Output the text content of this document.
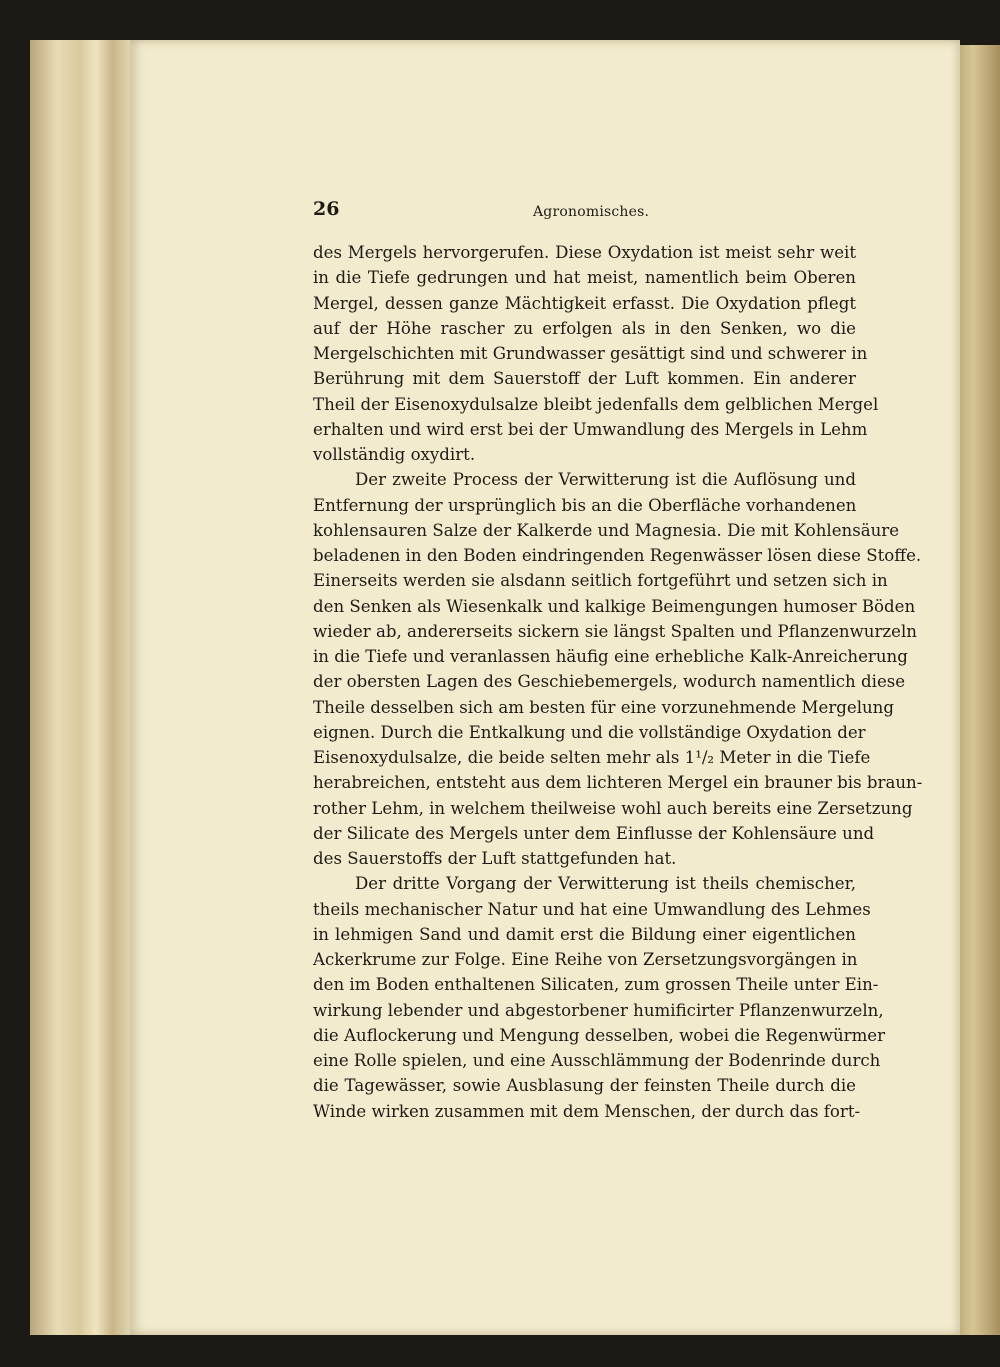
26	Agronomisches.
des Mergels hervorgerufen. Diese Oxydation ist meist sehr weit
in die Tiefe gedrungen und hat meist, namentlich beim Oberen
Mergel, dessen ganze Mächtigkeit erfasst. Die Oxydation pflegt
auf der Höhe rascher zu erfolgen als in den Senken, wo die
Mergelschichten mit Grundwasser gesättigt sind und schwerer in
Berührung mit dem Sauerstoff der Luft kommen. Ein anderer
Theil der Eisenoxydulsalze bleibt jedenfalls dem gelblichen Mergel
erhalten und wird erst bei der Umwandlung des Mergels in Lehm
vollständig oxydirt.
Der zweite Process der Verwitterung ist die Auflösung und
Entfernung der ursprünglich bis an die Oberfläche vorhandenen
kohlensauren Salze der Kalkerde und Magnesia. Die mit Kohlensäure
beladenen in den Boden eindringenden Regenwässer lösen diese Stoffe.
Einerseits werden sie alsdann seitlich fortgeführt und setzen sich in
den Senken als Wiesenkalk und kalkige Beimengungen humoser Böden
wieder ab, andererseits sickern sie längst Spalten und Pflanzenwurzeln
in die Tiefe und veranlassen häufig eine erhebliche Kalk-Anreicherung
der obersten Lagen des Geschiebemergels, wodurch namentlich diese
Theile desselben sich am besten für eine vorzunehmende Mergelung
eignen. Durch die Entkalkung und die vollständige Oxydation der
Eisenoxydulsalze, die beide selten mehr als 1¹/₂ Meter in die Tiefe
herabreichen, entsteht aus dem lichteren Mergel ein brauner bis braun-
rother Lehm, in welchem theilweise wohl auch bereits eine Zersetzung
der Silicate des Mergels unter dem Einflusse der Kohlensäure und
des Sauerstoffs der Luft stattgefunden hat.
Der dritte Vorgang der Verwitterung ist theils chemischer,
theils mechanischer Natur und hat eine Umwandlung des Lehmes
in lehmigen Sand und damit erst die Bildung einer eigentlichen
Ackerkrume zur Folge. Eine Reihe von Zersetzungsvorgängen in
den im Boden enthaltenen Silicaten, zum grossen Theile unter Ein-
wirkung lebender und abgestorbener humificirter Pflanzenwurzeln,
die Auflockerung und Mengung desselben, wobei die Regenwürmer
eine Rolle spielen, und eine Ausschlämmung der Bodenrinde durch
die Tagewässer, sowie Ausblasung der feinsten Theile durch die
Winde wirken zusammen mit dem Menschen, der durch das fort-
